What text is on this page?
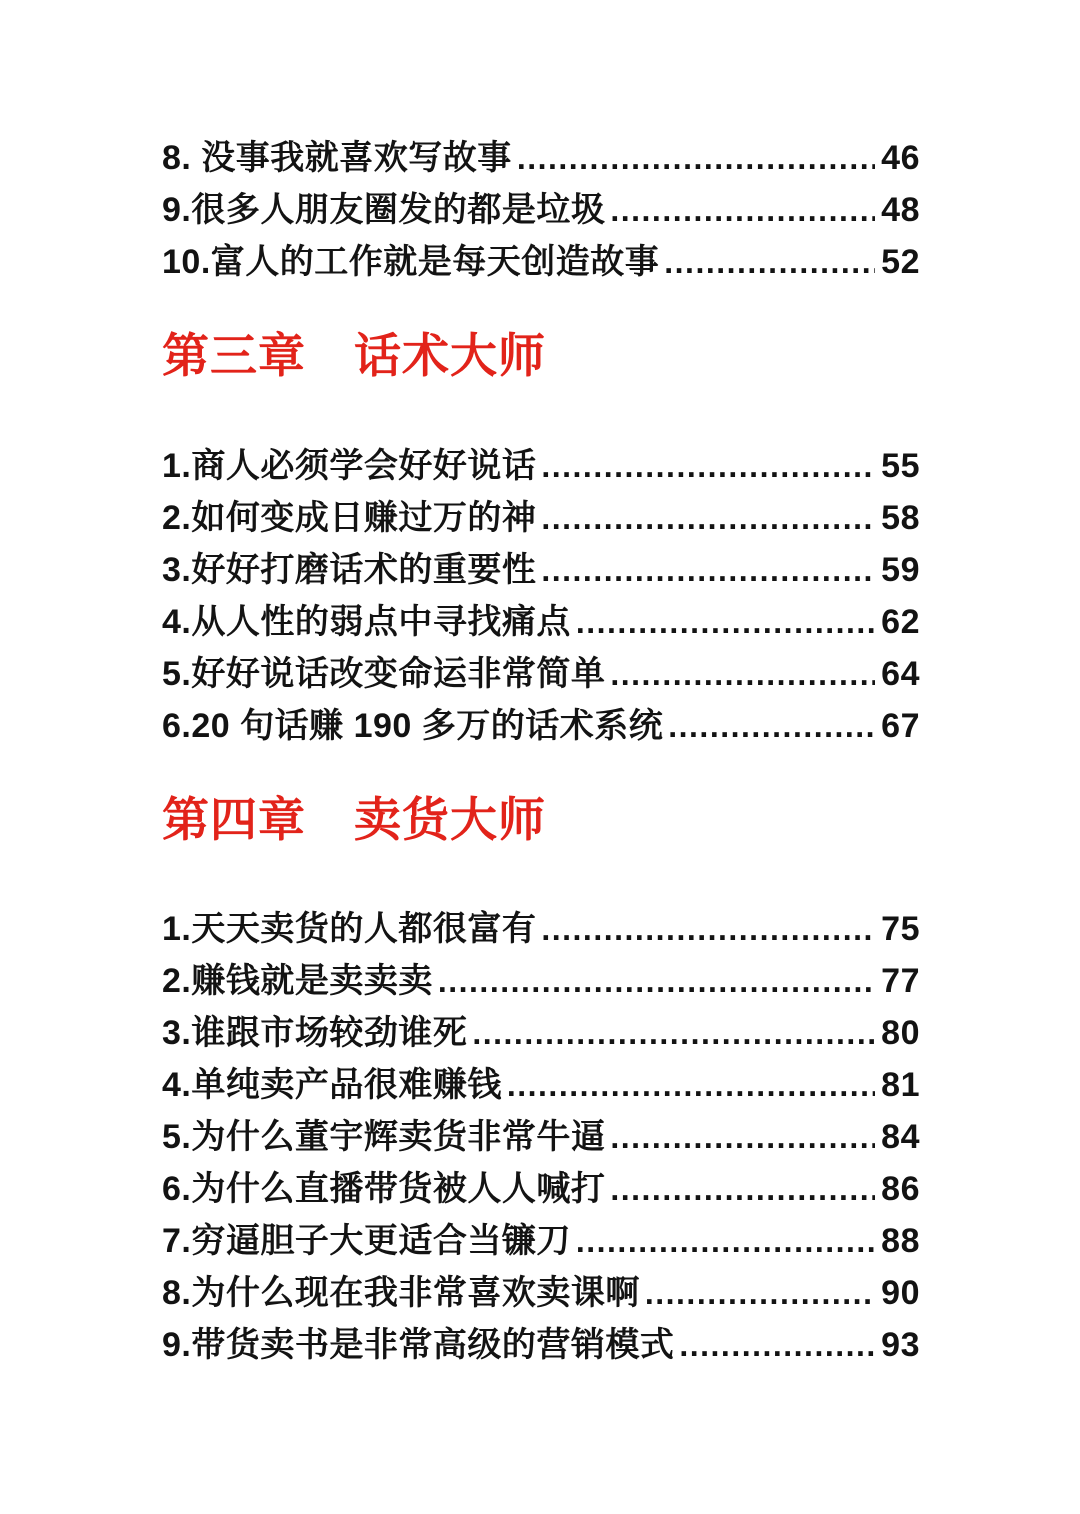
8. 没事我就喜欢写故事 .....	46
9.很多人朋友圈发的都是垃圾 .....	48
10.富人的工作就是每天创造故事 .....	52
第三章　话术大师
1.商人必须学会好好说话 .....	55
2.如何变成日赚过万的神 .....	58
3.好好打磨话术的重要性 .....	59
4.从人性的弱点中寻找痛点 .....	62
5.好好说话改变命运非常简单 .....	64
6.20 句话赚 190 多万的话术系统 .....	67
第四章　卖货大师
1.天天卖货的人都很富有 .....	75
2.赚钱就是卖卖卖 .....	77
3.谁跟市场较劲谁死 .....	80
4.单纯卖产品很难赚钱 .....	81
5.为什么董宇辉卖货非常牛逼 .....	84
6.为什么直播带货被人人喊打 .....	86
7.穷逼胆子大更适合当镰刀 .....	88
8.为什么现在我非常喜欢卖课啊 .....	90
9.带货卖书是非常高级的营销模式 .....	93
